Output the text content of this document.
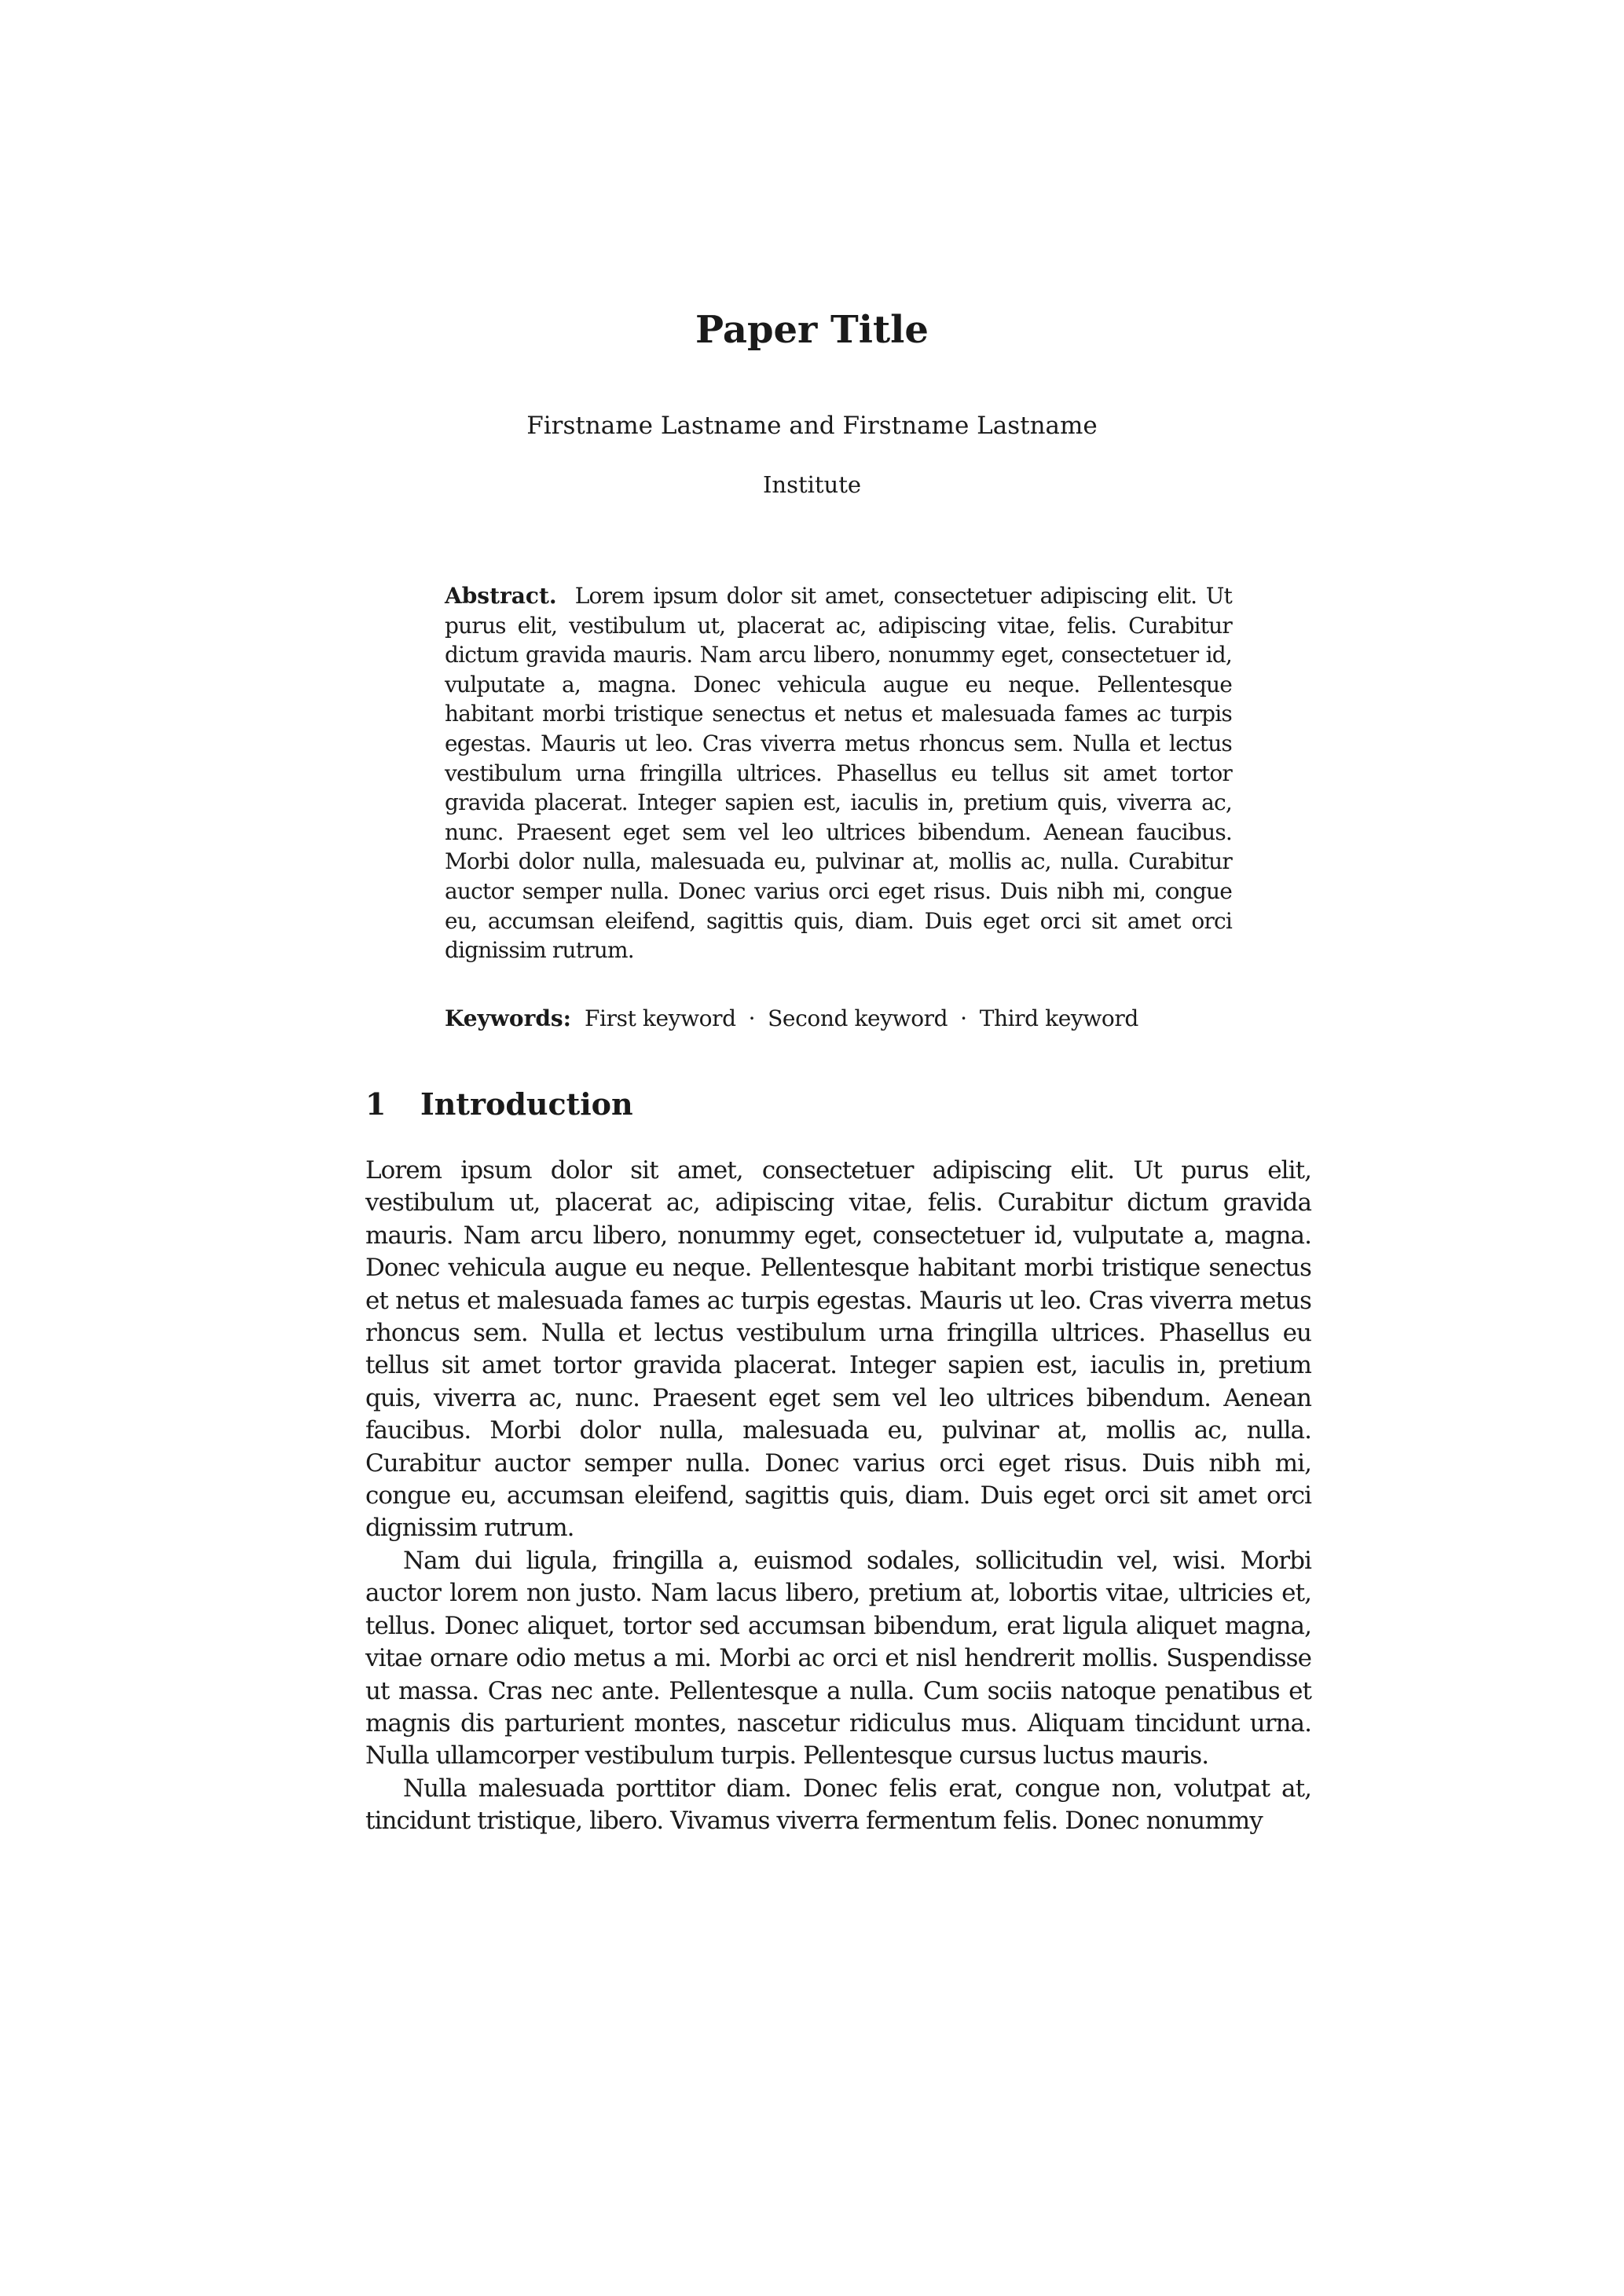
Paper Title
Firstname Lastname and Firstname Lastname
Institute
Abstract. Lorem ipsum dolor sit amet, consectetuer adipiscing elit. Ut purus elit, vestibulum ut, placerat ac, adipiscing vitae, felis. Curabitur dictum gravida mauris. Nam arcu libero, nonummy eget, consectetuer id, vulputate a, magna. Donec vehicula augue eu neque. Pellentesque habitant morbi tristique senectus et netus et malesuada fames ac turpis egestas. Mauris ut leo. Cras viverra metus rhoncus sem. Nulla et lectus vestibulum urna fringilla ultrices. Phasellus eu tellus sit amet tortor gravida placerat. Integer sapien est, iaculis in, pretium quis, viverra ac, nunc. Praesent eget sem vel leo ultrices bibendum. Aenean faucibus. Morbi dolor nulla, malesuada eu, pulvinar at, mollis ac, nulla. Curabitur auctor semper nulla. Donec varius orci eget risus. Duis nibh mi, congue eu, accumsan eleifend, sagittis quis, diam. Duis eget orci sit amet orci dignissim rutrum.
Keywords: First keyword · Second keyword · Third keyword
1 Introduction

Lorem ipsum dolor sit amet, consectetuer adipiscing elit. Ut purus elit, vestibulum ut, placerat ac, adipiscing vitae, felis. Curabitur dictum gravida mauris. Nam arcu libero, nonummy eget, consectetuer id, vulputate a, magna. Donec vehicula augue eu neque. Pellentesque habitant morbi tristique senectus et netus et malesuada fames ac turpis egestas. Mauris ut leo. Cras viverra metus rhoncus sem. Nulla et lectus vestibulum urna fringilla ultrices. Phasellus eu tellus sit amet tortor gravida placerat. Integer sapien est, iaculis in, pretium quis, viverra ac, nunc. Praesent eget sem vel leo ultrices bibendum. Aenean faucibus. Morbi dolor nulla, malesuada eu, pulvinar at, mollis ac, nulla. Curabitur auctor semper nulla. Donec varius orci eget risus. Duis nibh mi, congue eu, accumsan eleifend, sagittis quis, diam. Duis eget orci sit amet orci dignissim rutrum.

Nam dui ligula, fringilla a, euismod sodales, sollicitudin vel, wisi. Morbi auctor lorem non justo. Nam lacus libero, pretium at, lobortis vitae, ultricies et, tellus. Donec aliquet, tortor sed accumsan bibendum, erat ligula aliquet magna, vitae ornare odio metus a mi. Morbi ac orci et nisl hendrerit mollis. Suspendisse ut massa. Cras nec ante. Pellentesque a nulla. Cum sociis natoque penatibus et magnis dis parturient montes, nascetur ridiculus mus. Aliquam tincidunt urna. Nulla ullamcorper vestibulum turpis. Pellentesque cursus luctus mauris.

Nulla malesuada porttitor diam. Donec felis erat, congue non, volutpat at, tincidunt tristique, libero. Vivamus viverra fermentum felis. Donec nonummy
